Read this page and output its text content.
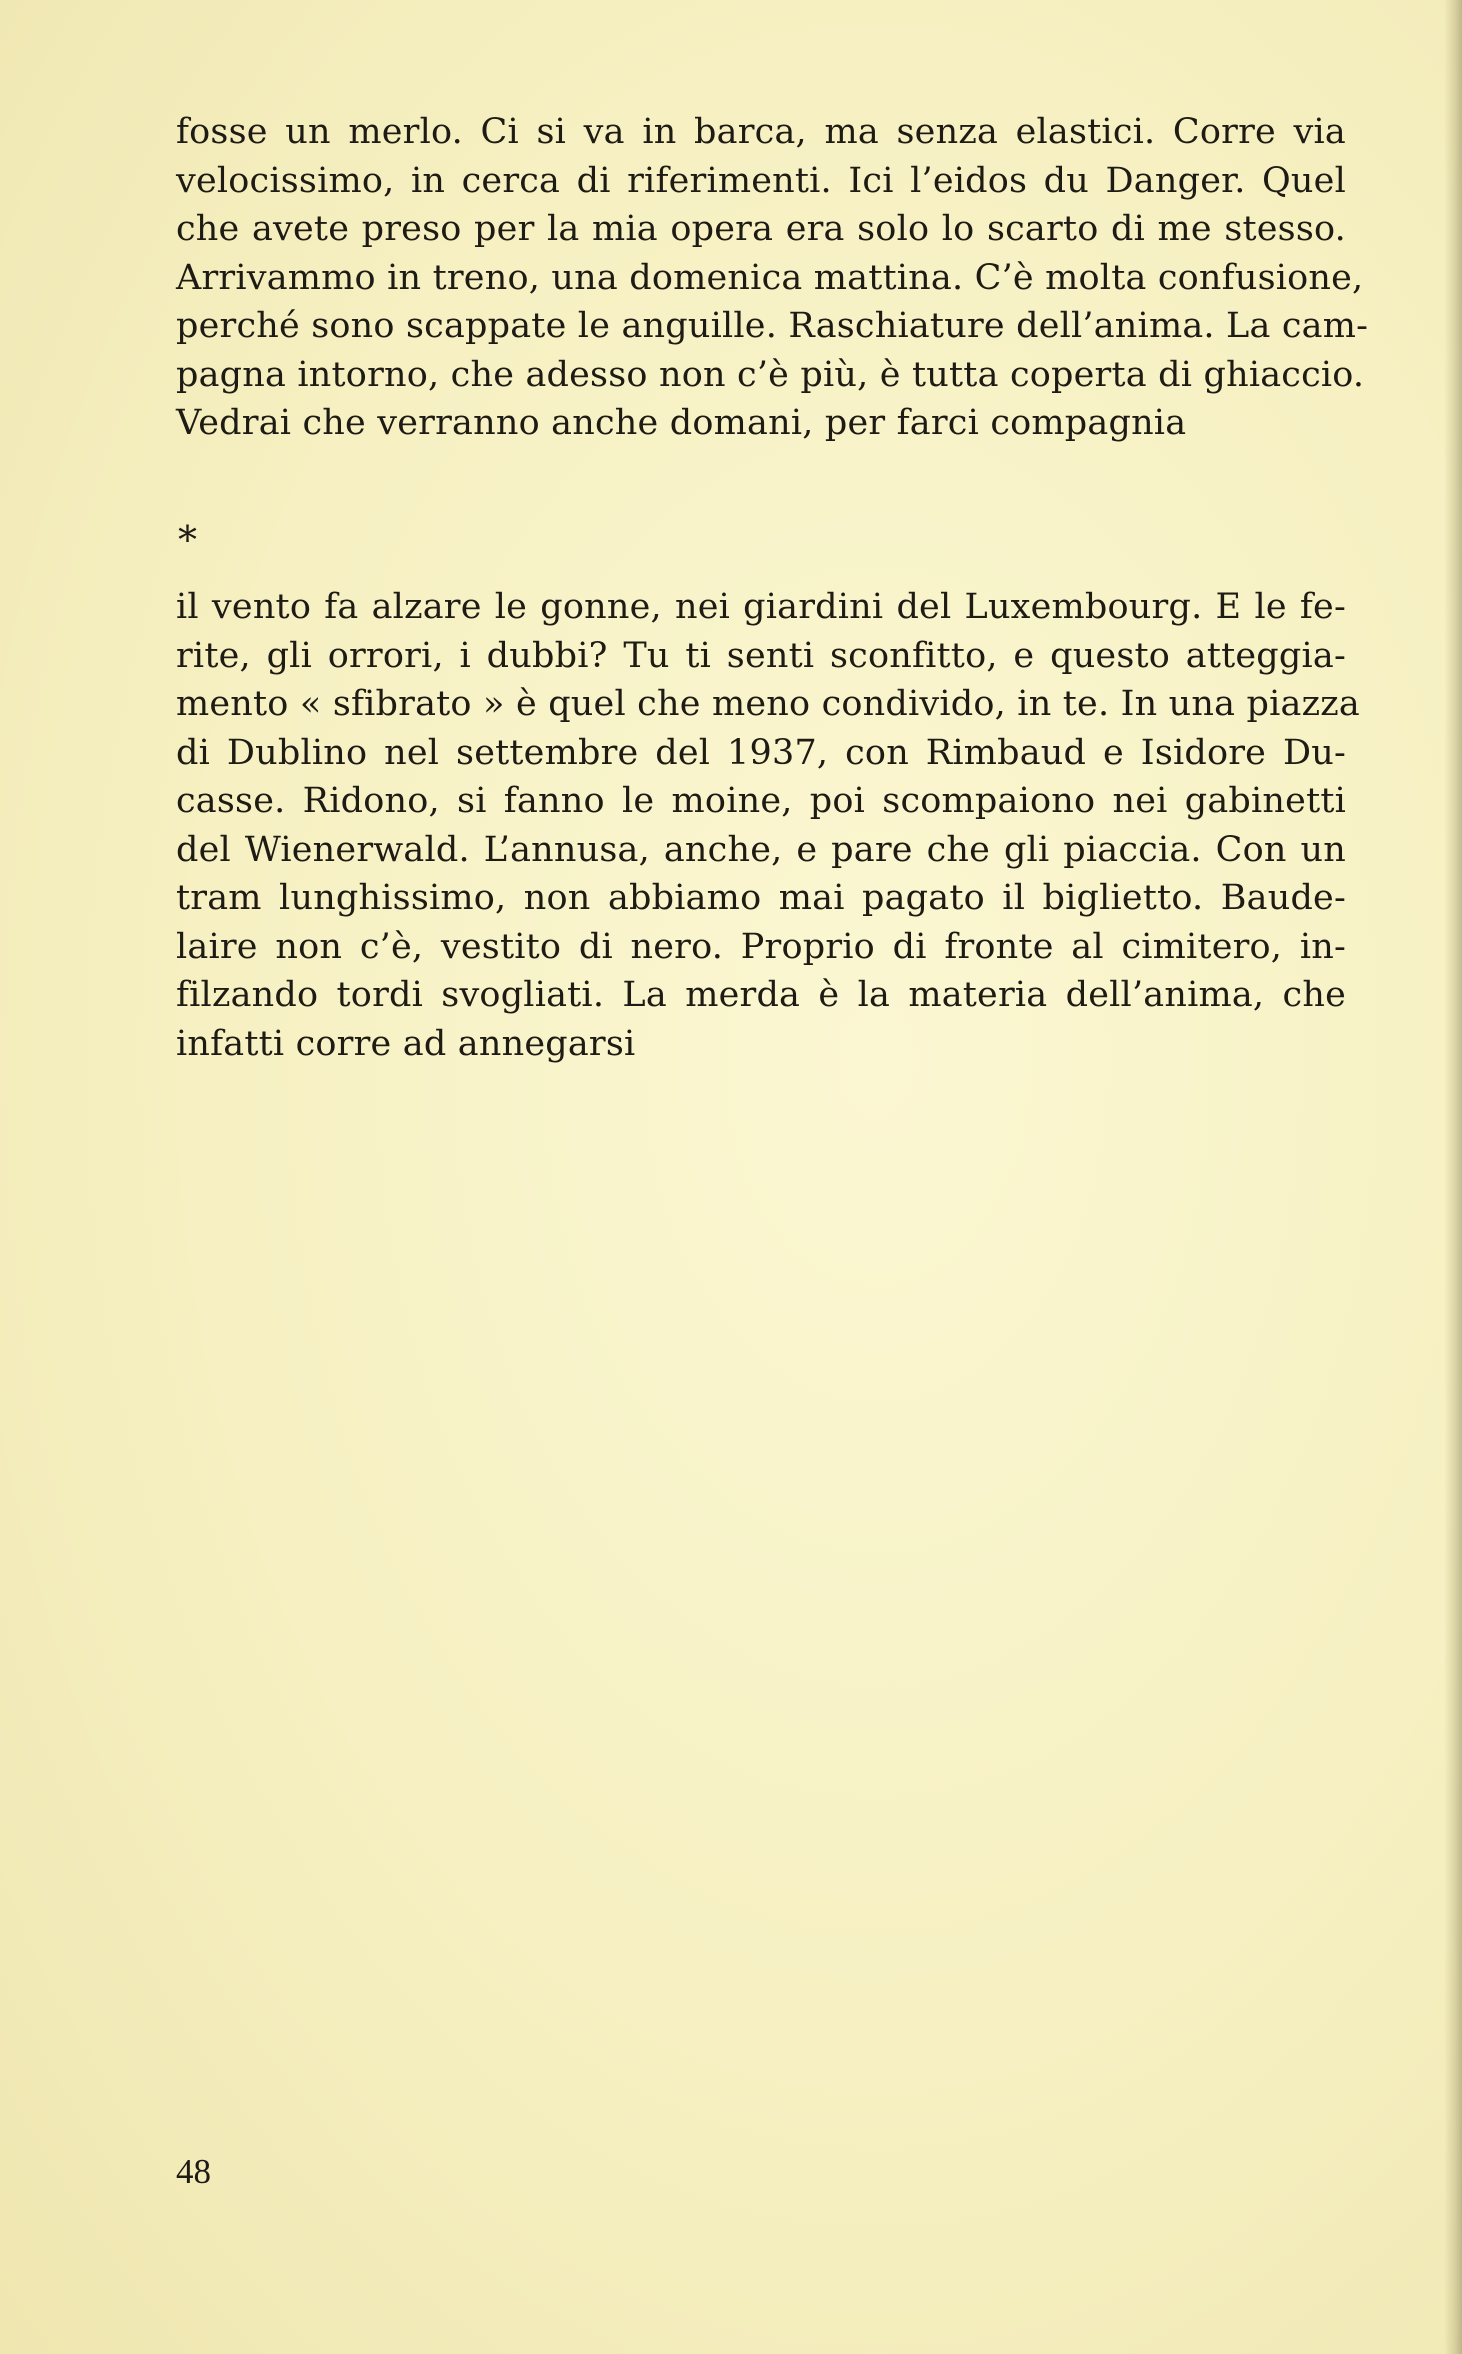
fosse un merlo. Ci si va in barca, ma senza elastici. Corre via
velocissimo, in cerca di riferimenti. Ici l’eidos du Danger. Quel
che avete preso per la mia opera era solo lo scarto di me stesso.
Arrivammo in treno, una domenica mattina. C’è molta confusione,
perché sono scappate le anguille. Raschiature dell’anima. La cam-
pagna intorno, che adesso non c’è più, è tutta coperta di ghiaccio.
Vedrai che verranno anche domani, per farci compagnia
*
il vento fa alzare le gonne, nei giardini del Luxembourg. E le fe-
rite, gli orrori, i dubbi? Tu ti senti sconfitto, e questo atteggia-
mento « sfibrato » è quel che meno condivido, in te. In una piazza
di Dublino nel settembre del 1937, con Rimbaud e Isidore Du-
casse. Ridono, si fanno le moine, poi scompaiono nei gabinetti
del Wienerwald. L’annusa, anche, e pare che gli piaccia. Con un
tram lunghissimo, non abbiamo mai pagato il biglietto. Baude-
laire non c’è, vestito di nero. Proprio di fronte al cimitero, in-
filzando tordi svogliati. La merda è la materia dell’anima, che
infatti corre ad annegarsi
48
